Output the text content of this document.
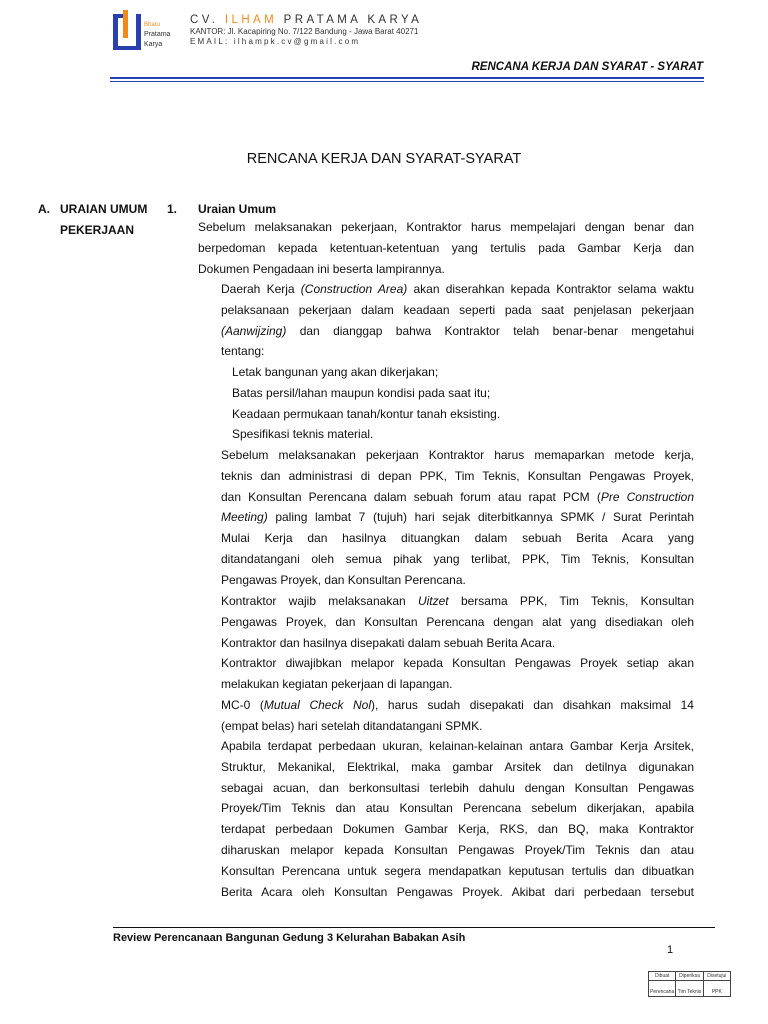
Bharu
Pratama
Karya
CV. ILHAM PRATAMA KARYA
KANTOR: Jl. Kacapiring No. 7/122 Bandung - Jawa Barat 40271
EMAIL: ilhampk.cv@gmail.com
RENCANA KERJA DAN SYARAT - SYARAT
RENCANA KERJA DAN SYARAT-SYARAT
A. URAIAN UMUM
PEKERJAAN
1. Uraian Umum
Sebelum melaksanakan pekerjaan, Kontraktor harus mempelajari dengan benar dan
berpedoman kepada ketentuan-ketentuan yang tertulis pada Gambar Kerja dan
Dokumen Pengadaan ini beserta lampirannya.
Daerah Kerja (Construction Area) akan diserahkan kepada Kontraktor selama waktu
pelaksanaan pekerjaan dalam keadaan seperti pada saat penjelasan pekerjaan
(Aanwijzing) dan dianggap bahwa Kontraktor telah benar-benar mengetahui
tentang:
Letak bangunan yang akan dikerjakan;
Batas persil/lahan maupun kondisi pada saat itu;
Keadaan permukaan tanah/kontur tanah eksisting.
Spesifikasi teknis material.
Sebelum melaksanakan pekerjaan Kontraktor harus memaparkan metode kerja,
teknis dan administrasi di depan PPK, Tim Teknis, Konsultan Pengawas Proyek,
dan Konsultan Perencana dalam sebuah forum atau rapat PCM (Pre Construction
Meeting) paling lambat 7 (tujuh) hari sejak diterbitkannya SPMK / Surat Perintah
Mulai Kerja dan hasilnya dituangkan dalam sebuah Berita Acara yang
ditandatangani oleh semua pihak yang terlibat, PPK, Tim Teknis, Konsultan
Pengawas Proyek, dan Konsultan Perencana.
Kontraktor wajib melaksanakan Uitzet bersama PPK, Tim Teknis, Konsultan
Pengawas Proyek, dan Konsultan Perencana dengan alat yang disediakan oleh
Kontraktor dan hasilnya disepakati dalam sebuah Berita Acara.
Kontraktor diwajibkan melapor kepada Konsultan Pengawas Proyek setiap akan
melakukan kegiatan pekerjaan di lapangan.
MC-0 (Mutual Check Nol), harus sudah disepakati dan disahkan maksimal 14
(empat belas) hari setelah ditandatangani SPMK.
Apabila terdapat perbedaan ukuran, kelainan-kelainan antara Gambar Kerja Arsitek,
Struktur, Mekanikal, Elektrikal, maka gambar Arsitek dan detilnya digunakan
sebagai acuan, dan berkonsultasi terlebih dahulu dengan Konsultan Pengawas
Proyek/Tim Teknis dan atau Konsultan Perencana sebelum dikerjakan, apabila
terdapat perbedaan Dokumen Gambar Kerja, RKS, dan BQ, maka Kontraktor
diharuskan melapor kepada Konsultan Pengawas Proyek/Tim Teknis dan atau
Konsultan Perencana untuk segera mendapatkan keputusan tertulis dan dibuatkan
Berita Acara oleh Konsultan Pengawas Proyek. Akibat dari perbedaan tersebut
Review Perencanaan Bangunan Gedung 3 Kelurahan Babakan Asih
1
Dibuat
Perencana
Diperiksa
Tim Teknis
Disetujui
PPK
